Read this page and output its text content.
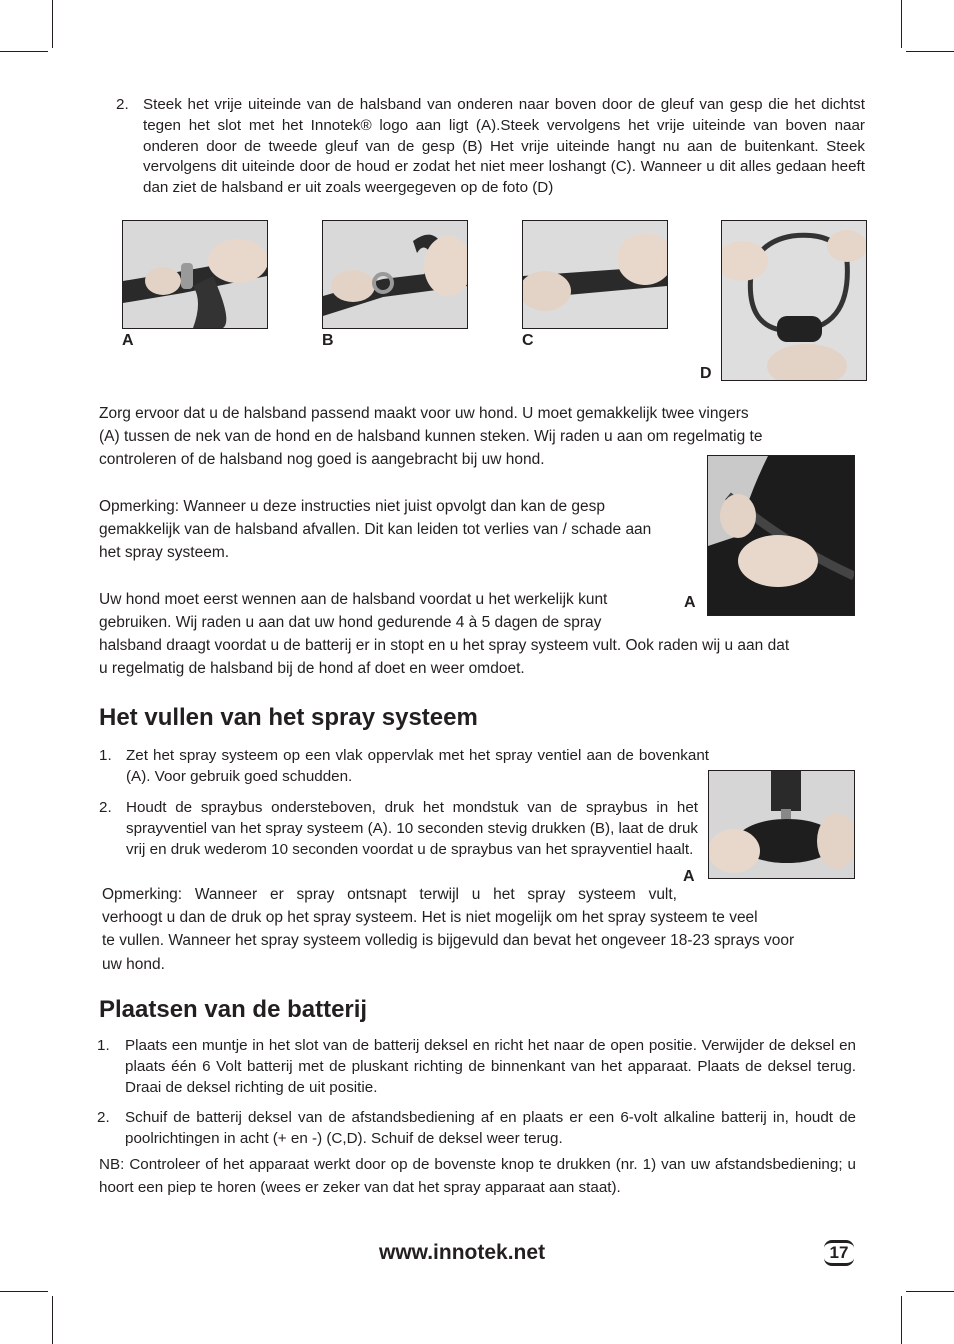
2. Steek het vrije uiteinde van de halsband van onderen naar boven door de gleuf van gesp die het dichtst tegen het slot met het Innotek® logo aan ligt (A).Steek vervolgens het vrije uiteinde van boven naar onderen door de tweede gleuf van de gesp (B) Het vrije uiteinde hangt nu aan de buitenkant. Steek vervolgens dit uiteinde door de houd er zodat het niet meer loshangt (C). Wanneer u dit alles gedaan heeft dan ziet de halsband er uit zoals weergegeven op de foto (D)
A	B	C
D
Zorg ervoor dat u de halsband passend maakt voor uw hond. U moet gemakkelijk twee vingers
(A) tussen de nek van de hond en de halsband kunnen steken. Wij raden u aan om regelmatig te
controleren of de halsband nog goed is aangebracht bij uw hond.
Opmerking: Wanneer u deze instructies niet juist opvolgt dan kan de gesp
gemakkelijk van de halsband afvallen. Dit kan leiden tot verlies van / schade aan
het spray systeem.
Uw hond moet eerst wennen aan de halsband voordat u het werkelijk kunt
gebruiken. Wij raden u aan dat uw hond gedurende 4 à 5 dagen de spray
halsband draagt voordat u de batterij er in stopt en u het spray systeem vult. Ook raden wij u aan dat
u regelmatig de halsband bij de hond af doet en weer omdoet.
A
Het vullen van het spray systeem
1. Zet het spray systeem op een vlak oppervlak met het spray ventiel aan de bovenkant (A). Voor gebruik goed schudden.
2. Houdt de spraybus ondersteboven, druk het mondstuk van de spraybus in het sprayventiel van het spray systeem (A). 10 seconden stevig drukken (B), laat de druk vrij en druk wederom 10 seconden voordat u de spraybus van het sprayventiel haalt.
Opmerking: Wanneer er spray ontsnapt terwijl u het spray systeem vult,
verhoogt u dan de druk op het spray systeem. Het is niet mogelijk om het spray systeem te veel
te vullen. Wanneer het spray systeem volledig is bijgevuld dan bevat het ongeveer 18-23 sprays voor
uw hond.
A
Plaatsen van de batterij
1. Plaats een muntje in het slot van de batterij deksel en richt het naar de open positie. Verwijder de deksel en plaats één 6 Volt batterij met de pluskant richting de binnenkant van het apparaat. Plaats de deksel terug. Draai de deksel richting de uit positie.
2. Schuif de batterij deksel van de afstandsbediening af en plaats er een 6-volt alkaline batterij in, houdt de poolrichtingen in acht (+ en -) (C,D). Schuif de deksel weer terug.
NB: Controleer of het apparaat werkt door op de bovenste knop te drukken (nr. 1) van uw afstandsbediening; u hoort een piep te horen (wees er zeker van dat het spray apparaat aan staat).
www.innotek.net	17
